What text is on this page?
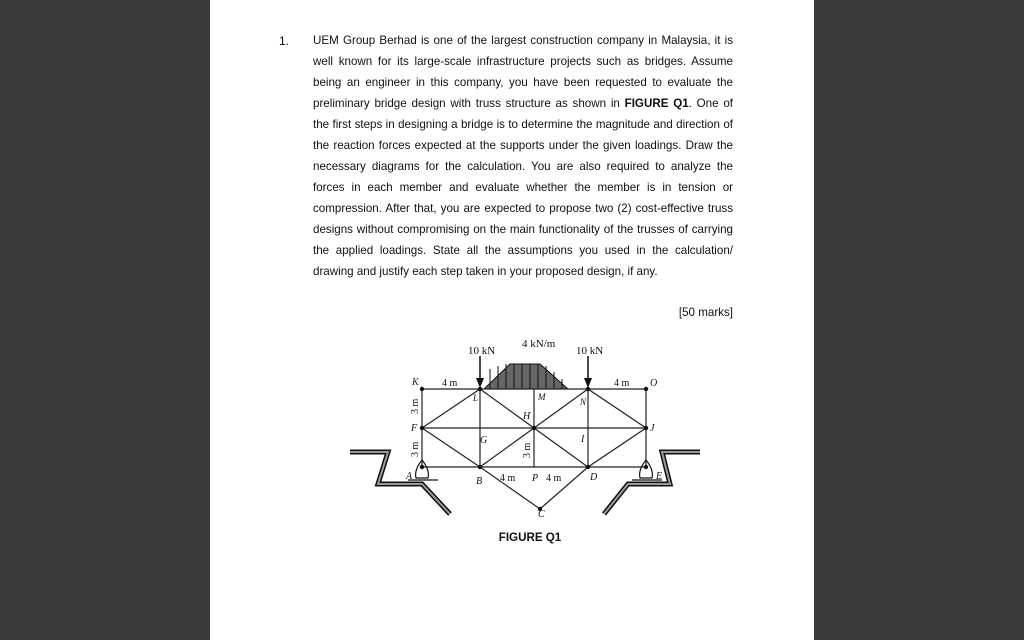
1. UEM Group Berhad is one of the largest construction company in Malaysia, it is well known for its large-scale infrastructure projects such as bridges. Assume being an engineer in this company, you have been requested to evaluate the preliminary bridge design with truss structure as shown in FIGURE Q1. One of the first steps in designing a bridge is to determine the magnitude and direction of the reaction forces expected at the supports under the given loadings. Draw the necessary diagrams for the calculation. You are also required to analyze the forces in each member and evaluate whether the member is in tension or compression. After that, you are expected to propose two (2) cost-effective truss designs without compromising on the main functionality of the trusses of carrying the applied loadings. State all the assumptions you used in the calculation/ drawing and justify each step taken in your proposed design, if any.
[50 marks]
10 kN
4 kN/m
10 kN
4 m	4 m
3 m
3 m	3 m
4 m	4 m
K
L	M	N
O
F
G
H
I
J
A	B	P	D	E
C
FIGURE Q1
